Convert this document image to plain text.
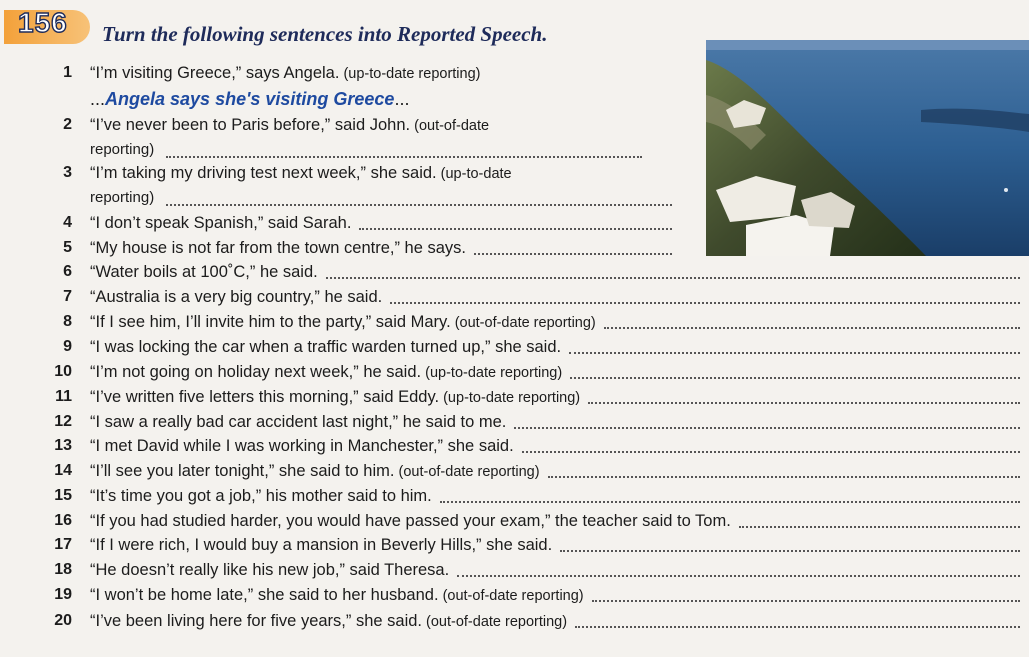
156 Turn the following sentences into Reported Speech.
1 “I’m visiting Greece,” says Angela. (up-to-date reporting)
...Angela says she's visiting Greece...
2 “I’ve never been to Paris before,” said John. (out-of-date
reporting)
3 “I’m taking my driving test next week,” she said. (up-to-date
reporting)
4 “I don’t speak Spanish,” said Sarah.
5 “My house is not far from the town centre,” he says.
6 “Water boils at 100˚C,” he said.
7 “Australia is a very big country,” he said.
8 “If I see him, I’ll invite him to the party,” said Mary. (out-of-date reporting)
9 “I was locking the car when a traffic warden turned up,” she said.
10 “I’m not going on holiday next week,” he said. (up-to-date reporting)
11 “I’ve written five letters this morning,” said Eddy. (up-to-date reporting)
12 “I saw a really bad car accident last night,” he said to me.
13 “I met David while I was working in Manchester,” she said.
14 “I’ll see you later tonight,” she said to him. (out-of-date reporting)
15 “It’s time you got a job,” his mother said to him.
16 “If you had studied harder, you would have passed your exam,” the teacher said to Tom.
17 “If I were rich, I would buy a mansion in Beverly Hills,” she said.
18 “He doesn’t really like his new job,” said Theresa.
19 “I won’t be home late,” she said to her husband. (out-of-date reporting)
20 “I’ve been living here for five years,” she said. (out-of-date reporting)
